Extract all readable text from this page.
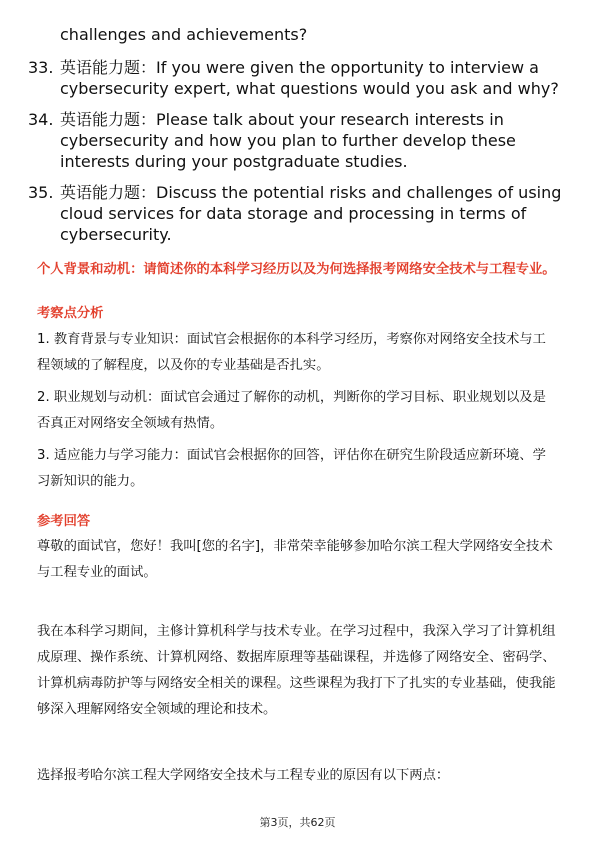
challenges and achievements?
33. 英语能力题：If you were given the opportunity to interview a cybersecurity expert, what questions would you ask and why?
34. 英语能力题：Please talk about your research interests in cybersecurity and how you plan to further develop these interests during your postgraduate studies.
35. 英语能力题：Discuss the potential risks and challenges of using cloud services for data storage and processing in terms of cybersecurity.
个人背景和动机：请简述你的本科学习经历以及为何选择报考网络安全技术与工程专业。
考察点分析
1. 教育背景与专业知识：面试官会根据你的本科学习经历，考察你对网络安全技术与工程领域的了解程度，以及你的专业基础是否扎实。
2. 职业规划与动机：面试官会通过了解你的动机，判断你的学习目标、职业规划以及是否真正对网络安全领域有热情。
3. 适应能力与学习能力：面试官会根据你的回答，评估你在研究生阶段适应新环境、学习新知识的能力。
参考回答
尊敬的面试官，您好！我叫[您的名字]，非常荣幸能够参加哈尔滨工程大学网络安全技术与工程专业的面试。
我在本科学习期间，主修计算机科学与技术专业。在学习过程中，我深入学习了计算机组成原理、操作系统、计算机网络、数据库原理等基础课程，并选修了网络安全、密码学、计算机病毒防护等与网络安全相关的课程。这些课程为我打下了扎实的专业基础，使我能够深入理解网络安全领域的理论和技术。
选择报考哈尔滨工程大学网络安全技术与工程专业的原因有以下两点：
第3页，共62页
